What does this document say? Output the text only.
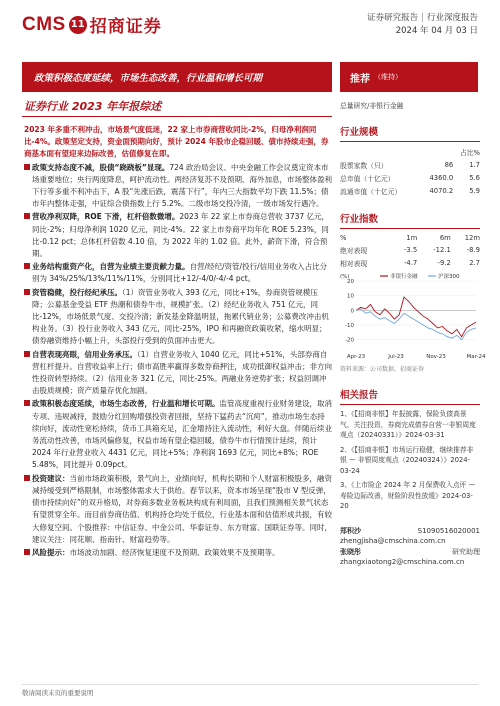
CMS 11 招商证券	证券研究报告 | 行业深度报告
2024 年 04 月 03 日
政策积极态度延续，市场生态改善，行业温和增长可期	推荐 （维持）
证券行业 2023 年年报综述

2023 年多重不利冲击，市场景气度低迷，22 家上市券商营收同比-2%，归母净利润同比-4%。政策坚定支持，资金面预期向好，预计 2024 年股市企稳回暖、债市持续走强，券商基本面有望迎来边际改善，估值修复在即。

政策支持态度不减，股债“跷跷板”显现。724 政治局会议、中央金融工作会议奠定资本市场重要地位；央行两度降息，呵护流动性。两经济复苏不及预期、海外加息，市场整体盈利下行等多重不利冲击下，A 股“先涨后跌，震荡下行”，年内三大指数平均下跌 11.5%；债市年内整体走强，中证综合债指数上行 5.2%。二级市场交投冷清，一级市场发行遇冷。

营收净利双降，ROE 下滑，杠杆倍数微增。2023 年 22 家上市券商总营收 3737 亿元，同比-2%；归母净利润 1020 亿元，同比-4%。22 家上市券商平均年化 ROE 5.23%，同比-0.12 pct；总体杠杆倍数 4.10 倍，为 2022 年的 1.02 倍。此外，薪资下滑，符合预期。

业务结构重资产化，自营为业绩主要贡献力量。自营/经纪/资管/投行/信用业务收入占比分别为 34%/25%/13%/11%/11%，分别同比+12/-4/0/-4/-4 pct。

资管稳健，投行经纪承压。（1）资管业务收入 393 亿元，同比+1%，券商资管规模压降；公募基金受益 ETF 热潮和债券牛市，规模扩张。（2）经纪业务收入 751 亿元，同比-12%，市场低景气度、交投冷清；新发基金降温明显，拖累代销业务；公募费改冲击机构业务。（3）投行业务收入 343 亿元，同比-25%，IPO 和再融资政策收紧，缩水明显；债券融资维持小幅上升，头部投行受到的负面冲击更大。

自营表现亮眼，信用业务承压。（1）自营业务收入 1040 亿元，同比+51%，头部券商自营杠杆提升。自营收益率上行；债市高胜率赢得多数券商押注，成功抵御权益冲击；非方向性投资转型持续。（2）信用业务 321 亿元，同比-25%。两融业务逆势扩张；权益回调冲击股质规模；资产质量存优化加剧。

政策积极态度延续，市场生态改善，行业温和增长可期。监管高度重视行业财务建设，取消专项、违规减持，鼓励分红回购增强投资者回报，坚持下猛药去“沉疴”，推动市场生态持续向好，流动性宽松持续，货币工具箱充足，汇金增持注入流动性，利好大盘。伴随后续业务流动性改善，市场风偏修复，权益市场有望企稳回暖，债券牛市行情预计延续，预计 2024 年行业营业收入 4431 亿元，同比+5%；净利润 1693 亿元，同比+8%；ROE 5.48%，同比提升 0.09pct。

投资建议：当前市场政策积极，景气向上，业绩向好，机构长期和个人财富积极股多，融资减持缓受到严格限制，市场整体需求大于供给。春节以来，资本市场呈现“股市 V 型反弹，债市持续向好”的双升格局，对券商多数业务板块构成有利局面，且我们预测相关景气状态有望贯穿全年。而目前券商估值、机构持仓均处于低位，行业基本面和估值形成共振，有较大修复空间。个股推荐：中信证券、中金公司、华泰证券、东方财富、国联证券等。同时，建议关注：同花顺、指南针、财富趋势等。

风险提示：市场波动加剧、经济恢复速度不及预期、政策效果不及预期等。

总量研究/非银行金融
行业规模
		占比%
股票家数（只）	86	1.7
总市值（十亿元）	4360.0	5.6
流通市值（十亿元）	4070.2	5.9
行业指数
%	1m	6m	12m
绝对表现	-3.5	-12.1	-8.9
相对表现	-4.7	-9.2	2.7
(%)
20
10
0
-10
-20
Apr-23	Jul-23	Nov-23	Mar-24
非银行金融	沪深300
资料来源：公司数据、招商证券
相关报告
1、《【招商非银】年报披露，保险负债高景气、关注投资，券商完成债券自营一非银周度观点（20240331）》2024-03-31
2、《【招商非银】市场运行稳健，继续推荐非银 — 非银周度观点（20240324）》2024-03-24
3、《上市险企 2024 年 2 月保费收入点评 — 寿险边际改善，财险阶段性放缓》2024-03-20
郑积沙	S1090516020001
zhengjisha@cmschina.com.cn
张晓彤	研究助理
zhangxiaotong2@cmschina.com.cn
敬请阅读末页的重要说明
